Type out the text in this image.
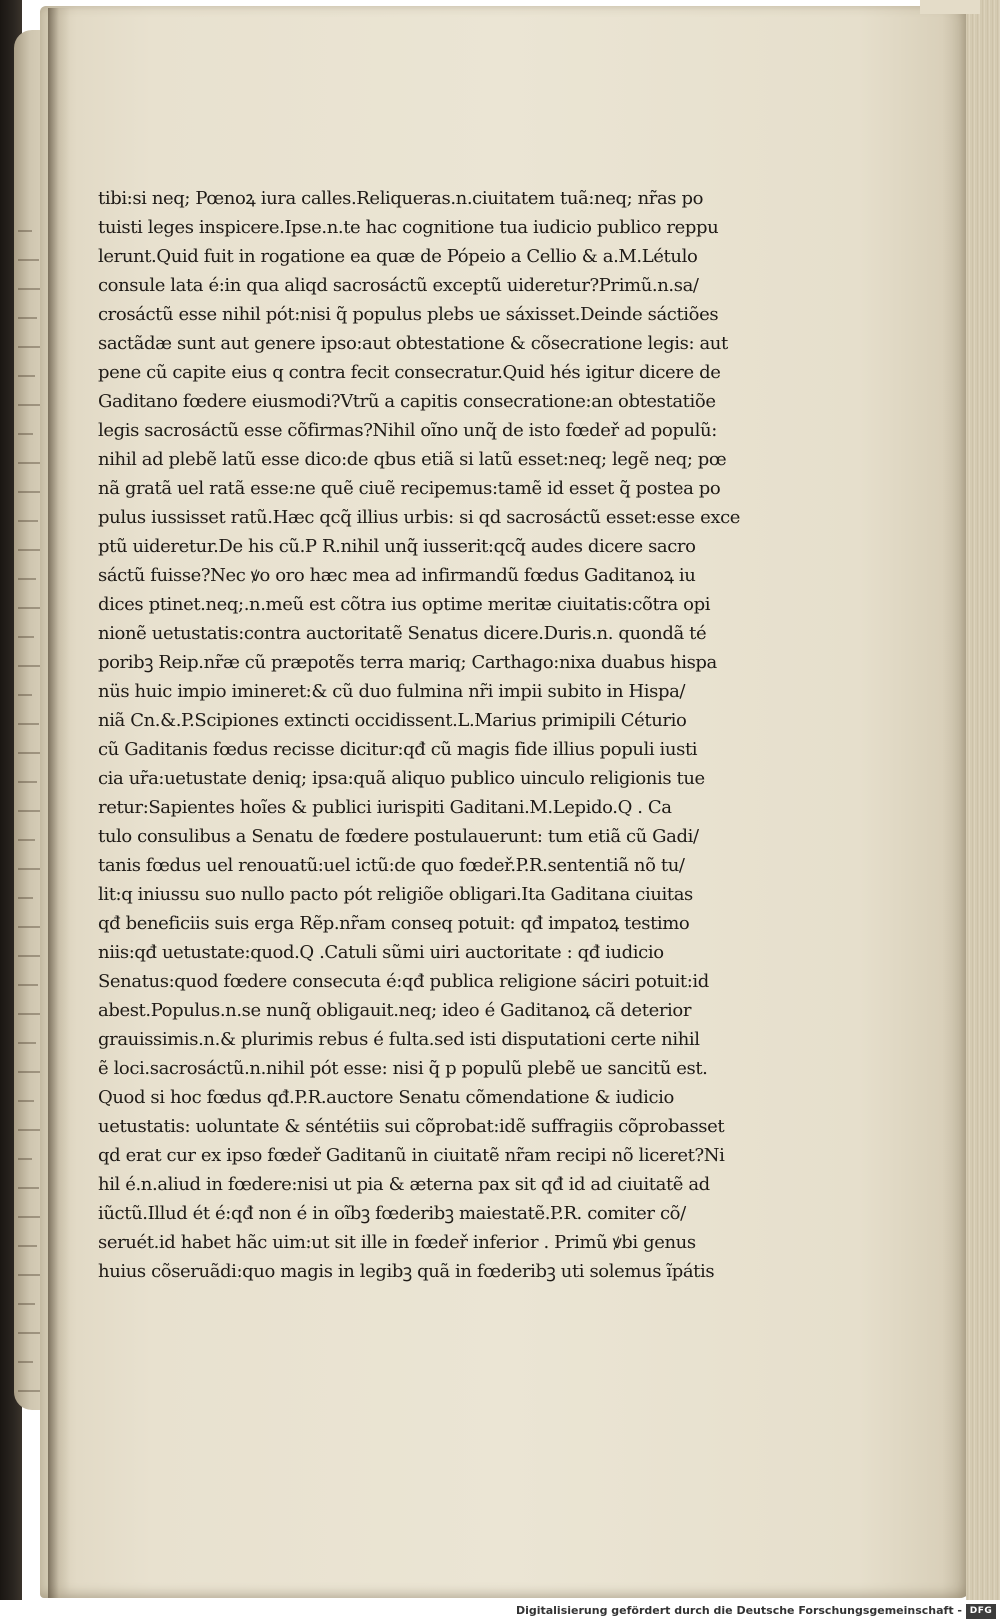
tibi:si neq; Pœnoꝝ iura calles.Reliqueras.n.ciuitatem tuã:neq; nr̃as po
tuisti leges inspicere.Ipse.n.te hac cognitione tua iudicio publico reppu
lerunt.Quid fuit in rogatione ea quæ de Pópeio a Cellio & a.M.Létulo
consule lata é:in qua aliqd sacrosáctũ exceptũ uideretur?Primũ.n.sa/
crosáctũ esse nihil pót:nisi q̃ populus plebs ue sáxisset.Deinde sáctiões
sactãdæ sunt aut genere ipso:aut obtestatione & cõsecratione legis: aut
pene cũ capite eius q contra fecit consecratur.Quid hés igitur dicere de
Gaditano fœdere eiusmodi?Vtrũ a capitis consecratione:an obtestatiõe
legis sacrosáctũ esse cõfirmas?Nihil oĩno unq̃ de isto fœdeř ad populũ:
nihil ad plebẽ latũ esse dico:de qbus etiã si latũ esset:neq; legẽ neq; pœ
nã gratã uel ratã esse:ne quẽ ciuẽ recipemus:tamẽ id esset q̃ postea po
pulus iussisset ratũ.Hæc qcq̃ illius urbis: si qd sacrosáctũ esset:esse exce
ptũ uideretur.De his cũ.P R.nihil unq̃ iusserit:qcq̃ audes dicere sacro
sáctũ fuisse?Nec ꝟo oro hæc mea ad infirmandũ fœdus Gaditanoꝝ iu
dices ptinet.neq;.n.meũ est cõtra ius optime meritæ ciuitatis:cõtra opi
nionẽ uetustatis:contra auctoritatẽ Senatus dicere.Duris.n. quondã té
poribꝫ Reip.nr̃æ cũ præpotẽs terra mariq; Carthago:nixa duabus hispa
nüs huic impio imineret:& cũ duo fulmina nr̃i impii subito in Hispa/
niã Cn.&.P.Scipiones extincti occidissent.L.Marius primipili Céturio
cũ Gaditanis fœdus recisse dicitur:qđ cũ magis fide illius populi iusti
cia ur̃a:uetustate deniq; ipsa:quã aliquo publico uinculo religionis tue
retur:Sapientes hoĩes & publici iurispiti Gaditani.M.Lepido.Q . Ca
tulo consulibus a Senatu de fœdere postulauerunt: tum etiã cũ Gadi/
tanis fœdus uel renouatũ:uel ictũ:de quo fœdeř.P.R.sententiã nõ tu/
lit:q iniussu suo nullo pacto pót religiõe obligari.Ita Gaditana ciuitas
qđ beneficiis suis erga Rẽp.nr̃am conseq potuit: qđ impatoꝝ testimo
niis:qđ uetustate:quod.Q .Catuli sũmi uiri auctoritate : qđ iudicio
Senatus:quod fœdere consecuta é:qđ publica religione sáciri potuit:id
abest.Populus.n.se nunq̃ obligauit.neq; ideo é Gaditanoꝝ cã deterior
grauissimis.n.& plurimis rebus é fulta.sed isti disputationi certe nihil
ẽ loci.sacrosáctũ.n.nihil pót esse: nisi q̃ p populũ plebẽ ue sancitũ est.
Quod si hoc fœdus qđ.P.R.auctore Senatu cõmendatione & iudicio
uetustatis: uoluntate & séntétiis sui cõprobat:idẽ suffragiis cõprobasset
qd erat cur ex ipso fœdeř Gaditanũ in ciuitatẽ nr̃am recipi nõ liceret?Ni
hil é.n.aliud in fœdere:nisi ut pia & æterna pax sit qđ id ad ciuitatẽ ad
iũctũ.Illud ét é:qđ non é in oĩbꝫ fœderibꝫ maiestatẽ.P.R. comiter cõ/
seruét.id habet hãc uim:ut sit ille in fœdeř inferior . Primũ ꝟbi genus
huius cõseruãdi:quo magis in legibꝫ quã in fœderibꝫ uti solemus ĩpátis
Digitalisierung gefördert durch die Deutsche Forschungsgemeinschaft - DFG
